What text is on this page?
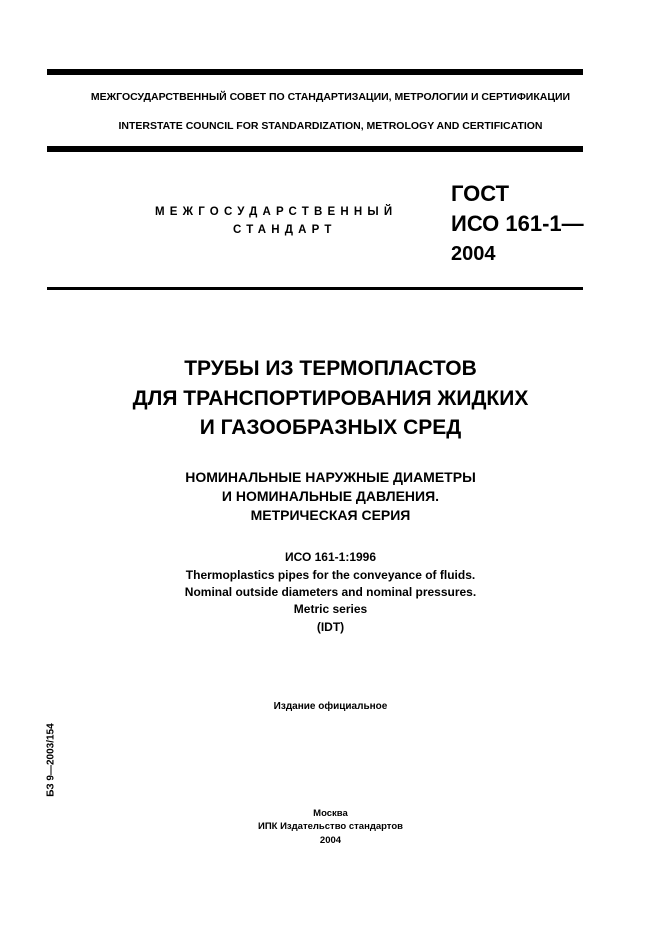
МЕЖГОСУДАРСТВЕННЫЙ СОВЕТ ПО СТАНДАРТИЗАЦИИ, МЕТРОЛОГИИ И СЕРТИФИКАЦИИ
INTERSTATE COUNCIL FOR STANDARDIZATION, METROLOGY AND CERTIFICATION
МЕЖГОСУДАРСТВЕННЫЙ
СТАНДАРТ
ГОСТ
ИСО 161-1—
2004
ТРУБЫ ИЗ ТЕРМОПЛАСТОВ
ДЛЯ ТРАНСПОРТИРОВАНИЯ ЖИДКИХ
И ГАЗООБРАЗНЫХ СРЕД
НОМИНАЛЬНЫЕ НАРУЖНЫЕ ДИАМЕТРЫ
И НОМИНАЛЬНЫЕ ДАВЛЕНИЯ.
МЕТРИЧЕСКАЯ СЕРИЯ
ИСО 161-1:1996
Thermoplastics pipes for the conveyance of fluids.
Nominal outside diameters and nominal pressures.
Metric series
(IDT)
Издание официальное
БЗ 9—2003/154
Москва
ИПК Издательство стандартов
2004
